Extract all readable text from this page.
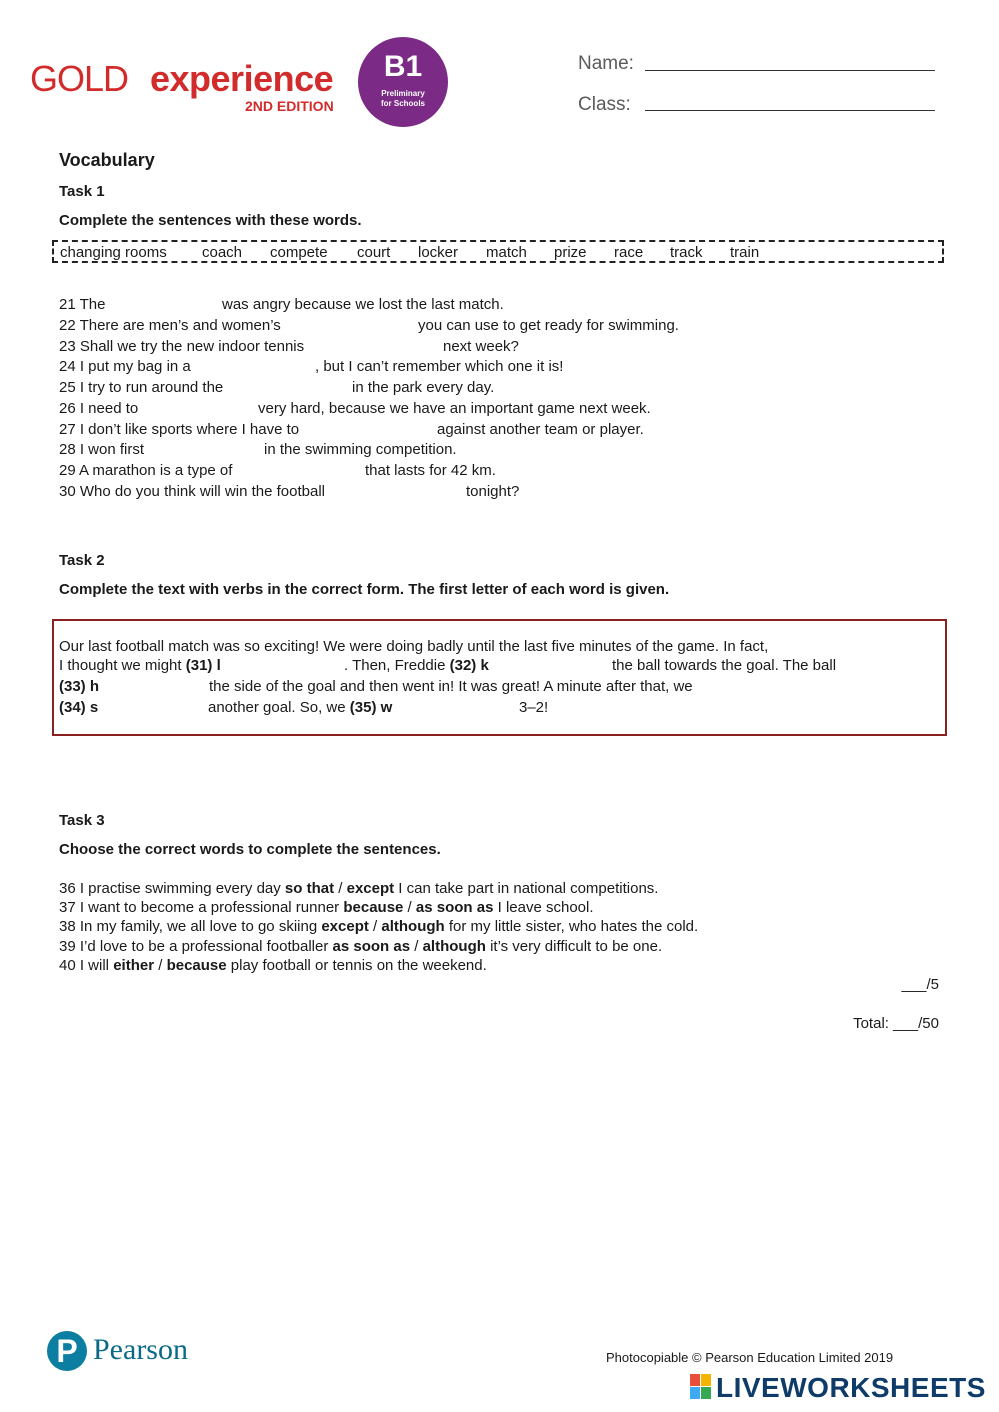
GOLD experience
2ND EDITION
B1
Preliminary
for Schools
Name:
Class:
Vocabulary
Task 1
Complete the sentences with these words.
changing rooms coach compete court locker match prize race track train
21 The	was angry because we lost the last match.
22 There are men’s and women’s	you can use to get ready for swimming.
23 Shall we try the new indoor tennis	next week?
24 I put my bag in a	, but I can’t remember which one it is!
25 I try to run around the	in the park every day.
26 I need to	very hard, because we have an important game next week.
27 I don’t like sports where I have to	against another team or player.
28 I won first	in the swimming competition.
29 A marathon is a type of	that lasts for 42 km.
30 Who do you think will win the football	tonight?
Task 2
Complete the text with verbs in the correct form. The first letter of each word is given.
Our last football match was so exciting! We were doing badly until the last five minutes of the game. In fact,
I thought we might (31) l	. Then, Freddie (32) k	the ball towards the goal. The ball
(33) h	the side of the goal and then went in! It was great! A minute after that, we
(34) s	another goal. So, we (35) w	3–2!
Task 3
Choose the correct words to complete the sentences.
36 I practise swimming every day so that / except I can take part in national competitions.
37 I want to become a professional runner because / as soon as I leave school.
38 In my family, we all love to go skiing except / although for my little sister, who hates the cold.
39 I’d love to be a professional footballer as soon as / although it’s very difficult to be one.
40 I will either / because play football or tennis on the weekend.
___/5
Total: ___/50
P Pearson	Photocopiable © Pearson Education Limited 2019
LIVEWORKSHEETS
